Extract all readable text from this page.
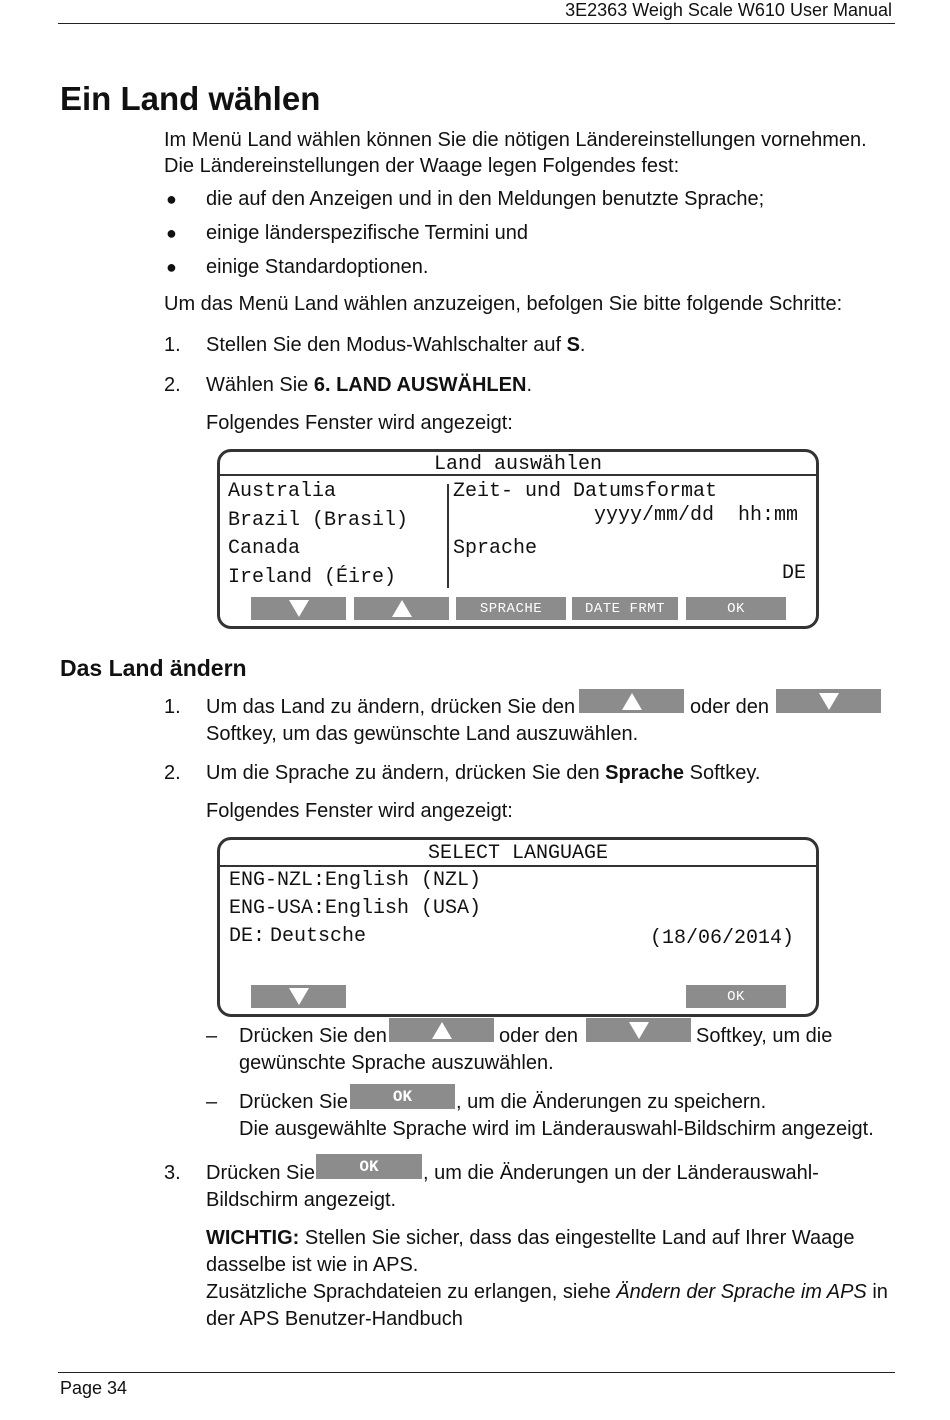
3E2363 Weigh Scale W610 User Manual
Page 34
Ein Land wählen
Im Menü Land wählen können Sie die nötigen Ländereinstellungen vornehmen.
Die Ländereinstellungen der Waage legen Folgendes fest:
● die auf den Anzeigen und in den Meldungen benutzte Sprache;
● einige länderspezifische Termini und
● einige Standardoptionen.
Um das Menü Land wählen anzuzeigen, befolgen Sie bitte folgende Schritte:
1. Stellen Sie den Modus-Wahlschalter auf S.
2. Wählen Sie 6. LAND AUSWÄHLEN.
Folgendes Fenster wird angezeigt:
Land auswählen
Australia
Brazil (Brasil)
Canada
Ireland (Éire)
Zeit- und Datumsformat
yyyy/mm/dd  hh:mm
Sprache
DE
SPRACHE	DATE FRMT	OK
Das Land ändern
1. Um das Land zu ändern, drücken Sie den	oder den
Softkey, um das gewünschte Land auszuwählen.
2. Um die Sprache zu ändern, drücken Sie den Sprache Softkey.
Folgendes Fenster wird angezeigt:
SELECT LANGUAGE
ENG-NZL:English (NZL)
ENG-USA:English (USA)
DE: Deutsche	(18/06/2014)
OK
– Drücken Sie den	oder den	Softkey, um die
gewünschte Sprache auszuwählen.
– Drücken Sie	OK , um die Änderungen zu speichern.
Die ausgewählte Sprache wird im Länderauswahl-Bildschirm angezeigt.
3. Drücken Sie	OK , um die Änderungen un der Länderauswahl-
Bildschirm angezeigt.
WICHTIG: Stellen Sie sicher, dass das eingestellte Land auf Ihrer Waage
dasselbe ist wie in APS.
Zusätzliche Sprachdateien zu erlangen, siehe Ändern der Sprache im APS in
der APS Benutzer-Handbuch
